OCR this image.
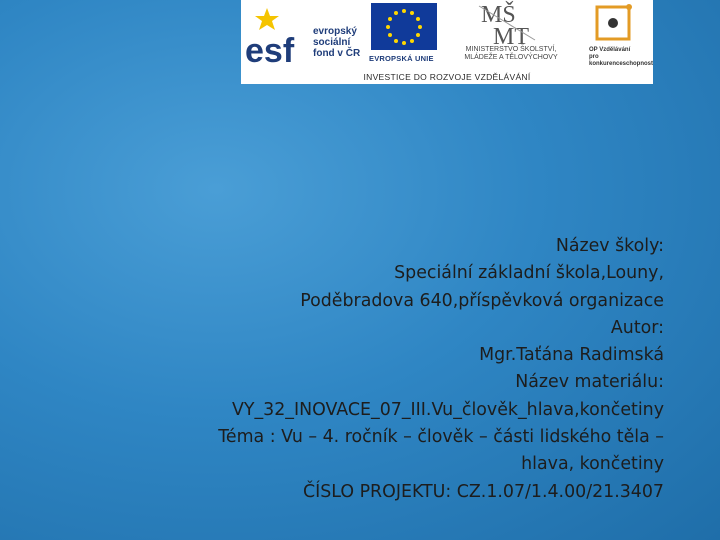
esf
evropský
sociální
fond v ČR EVROPSKÁ UNIE
MŠ
MT
MINISTERSTVO ŠKOLSTVÍ,
MLÁDEŽE A TĚLOVÝCHOVY
OP Vzdělávání
pro konkurenceschopnost
INVESTICE DO ROZVOJE VZDĚLÁVÁNÍ
Název školy:
Speciální základní škola,Louny,
Poděbradova 640,příspěvková organizace
Autor:
Mgr.Taťána Radimská
Název materiálu:
VY_32_INOVACE_07_III.Vu_člověk_hlava,končetiny
Téma : Vu – 4. ročník – člověk – části lidského těla –
hlava, končetiny
ČÍSLO PROJEKTU: CZ.1.07/1.4.00/21.3407
